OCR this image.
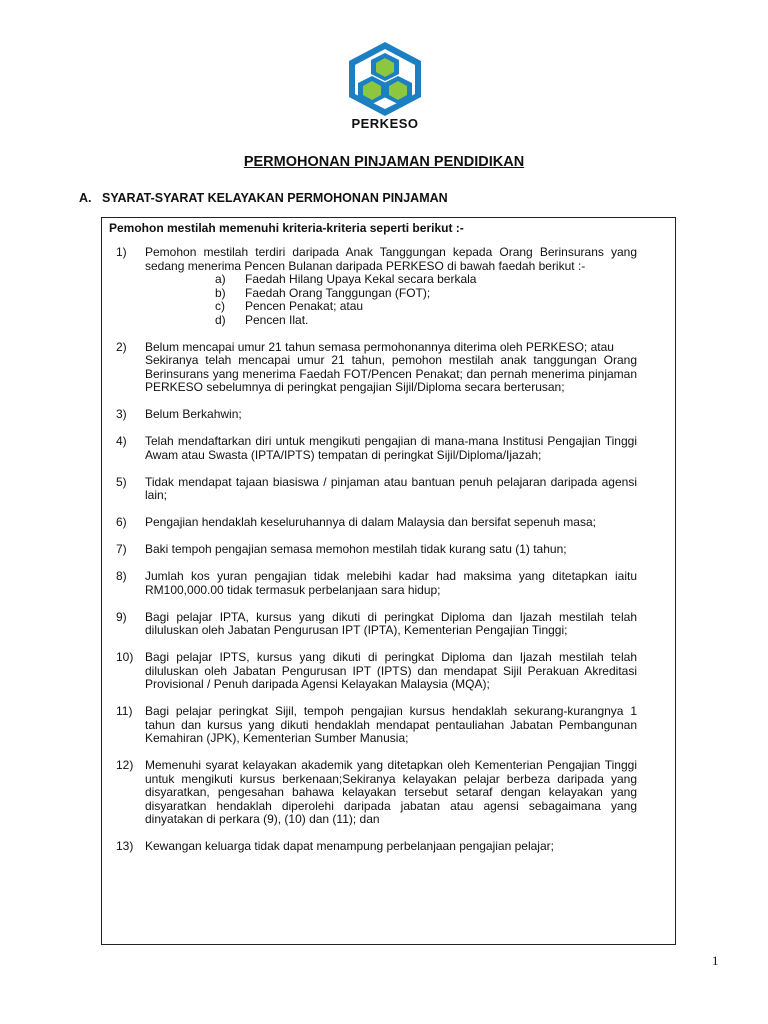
PERKESO
PERMOHONAN PINJAMAN PENDIDIKAN
A. SYARAT-SYARAT KELAYAKAN PERMOHONAN PINJAMAN
Pemohon mestilah memenuhi kriteria-kriteria seperti berikut :-
1)	Pemohon mestilah terdiri daripada Anak Tanggungan kepada Orang Berinsurans yang sedang menerima Pencen Bulanan daripada PERKESO di bawah faedah berikut :-
a) Faedah Hilang Upaya Kekal secara berkala
b) Faedah Orang Tanggungan (FOT);
c) Pencen Penakat; atau
d) Pencen Ilat.
2)	Belum mencapai umur 21 tahun semasa permohonannya diterima oleh PERKESO; atau
Sekiranya telah mencapai umur 21 tahun, pemohon mestilah anak tanggungan Orang Berinsurans yang menerima Faedah FOT/Pencen Penakat; dan pernah menerima pinjaman PERKESO sebelumnya di peringkat pengajian Sijil/Diploma secara berterusan;
3)	Belum Berkahwin;
4)	Telah mendaftarkan diri untuk mengikuti pengajian di mana-mana Institusi Pengajian Tinggi Awam atau Swasta (IPTA/IPTS) tempatan di peringkat Sijil/Diploma/Ijazah;
5)	Tidak mendapat tajaan biasiswa / pinjaman atau bantuan penuh pelajaran daripada agensi lain;
6)	Pengajian hendaklah keseluruhannya di dalam Malaysia dan bersifat sepenuh masa;
7)	Baki tempoh pengajian semasa memohon mestilah tidak kurang satu (1) tahun;
8)	Jumlah kos yuran pengajian tidak melebihi kadar had maksima yang ditetapkan iaitu RM100,000.00 tidak termasuk perbelanjaan sara hidup;
9)	Bagi pelajar IPTA, kursus yang dikuti di peringkat Diploma dan Ijazah mestilah telah diluluskan oleh Jabatan Pengurusan IPT (IPTA), Kementerian Pengajian Tinggi;
10) Bagi pelajar IPTS, kursus yang dikuti di peringkat Diploma dan Ijazah mestilah telah diluluskan oleh Jabatan Pengurusan IPT (IPTS) dan mendapat Sijil Perakuan Akreditasi Provisional / Penuh daripada Agensi Kelayakan Malaysia (MQA);
11)	Bagi pelajar peringkat Sijil, tempoh pengajian kursus hendaklah sekurang-kurangnya 1 tahun dan kursus yang dikuti hendaklah mendapat pentauliahan Jabatan Pembangunan Kemahiran (JPK), Kementerian Sumber Manusia;
12) Memenuhi syarat kelayakan akademik yang ditetapkan oleh Kementerian Pengajian Tinggi untuk mengikuti kursus berkenaan;Sekiranya kelayakan pelajar berbeza daripada yang disyaratkan, pengesahan bahawa kelayakan tersebut setaraf dengan kelayakan yang disyaratkan hendaklah diperolehi daripada jabatan atau agensi sebagaimana yang dinyatakan di perkara (9), (10) dan (11); dan
13) Kewangan keluarga tidak dapat menampung perbelanjaan pengajian pelajar;
1
